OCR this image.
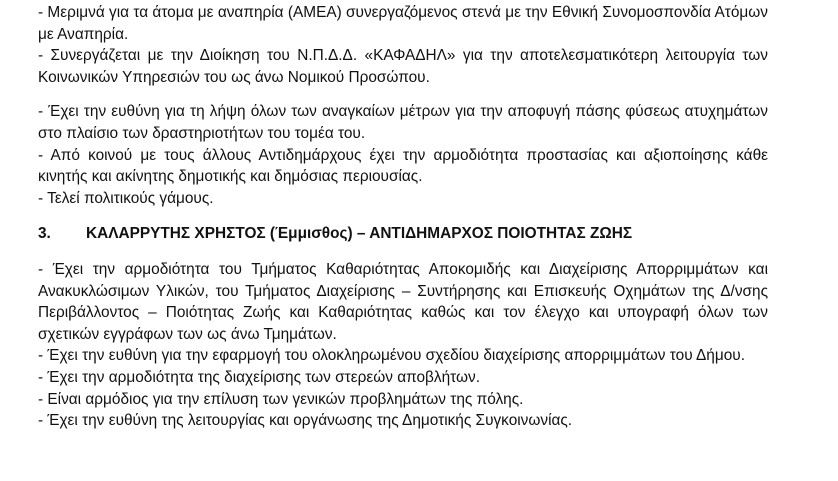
- Μεριμνά για τα άτομα με αναπηρία (ΑΜΕΑ) συνεργαζόμενος στενά με την Εθνική Συνομοσπονδία Ατόμων με Αναπηρία.

- Συνεργάζεται με την Διοίκηση του Ν.Π.Δ.Δ. «ΚΑΦΑΔΗΛ» για την αποτελεσματικότερη λειτουργία των Κοινωνικών Υπηρεσιών του ως άνω Νομικού Προσώπου.

- Έχει την ευθύνη για τη λήψη όλων των αναγκαίων μέτρων για την αποφυγή πάσης φύσεως ατυχημάτων στο πλαίσιο των δραστηριοτήτων του τομέα του.

- Από κοινού με τους άλλους Αντιδημάρχους έχει την αρμοδιότητα προστασίας και αξιοποίησης κάθε κινητής και ακίνητης δημοτικής και δημόσιας περιουσίας.

- Τελεί πολιτικούς γάμους.

3. ΚΑΛΑΡΡΥΤΗΣ ΧΡΗΣΤΟΣ (Έμμισθος) – ΑΝΤΙΔΗΜΑΡΧΟΣ ΠΟΙΟΤΗΤΑΣ ΖΩΗΣ

- Έχει την αρμοδιότητα του Τμήματος Καθαριότητας Αποκομιδής και Διαχείρισης Απορριμμάτων και Ανακυκλώσιμων Υλικών, του Τμήματος Διαχείρισης – Συντήρησης και Επισκευής Οχημάτων της Δ/νσης Περιβάλλοντος – Ποιότητας Ζωής και Καθαριότητας καθώς και τον έλεγχο και υπογραφή όλων των σχετικών εγγράφων των ως άνω Τμημάτων.

- Έχει την ευθύνη για την εφαρμογή του ολοκληρωμένου σχεδίου διαχείρισης απορριμμάτων του Δήμου.

- Έχει την αρμοδιότητα της διαχείρισης των στερεών αποβλήτων.

- Είναι αρμόδιος για την επίλυση των γενικών προβλημάτων της πόλης.

- Έχει την ευθύνη της λειτουργίας και οργάνωσης της Δημοτικής Συγκοινωνίας.
